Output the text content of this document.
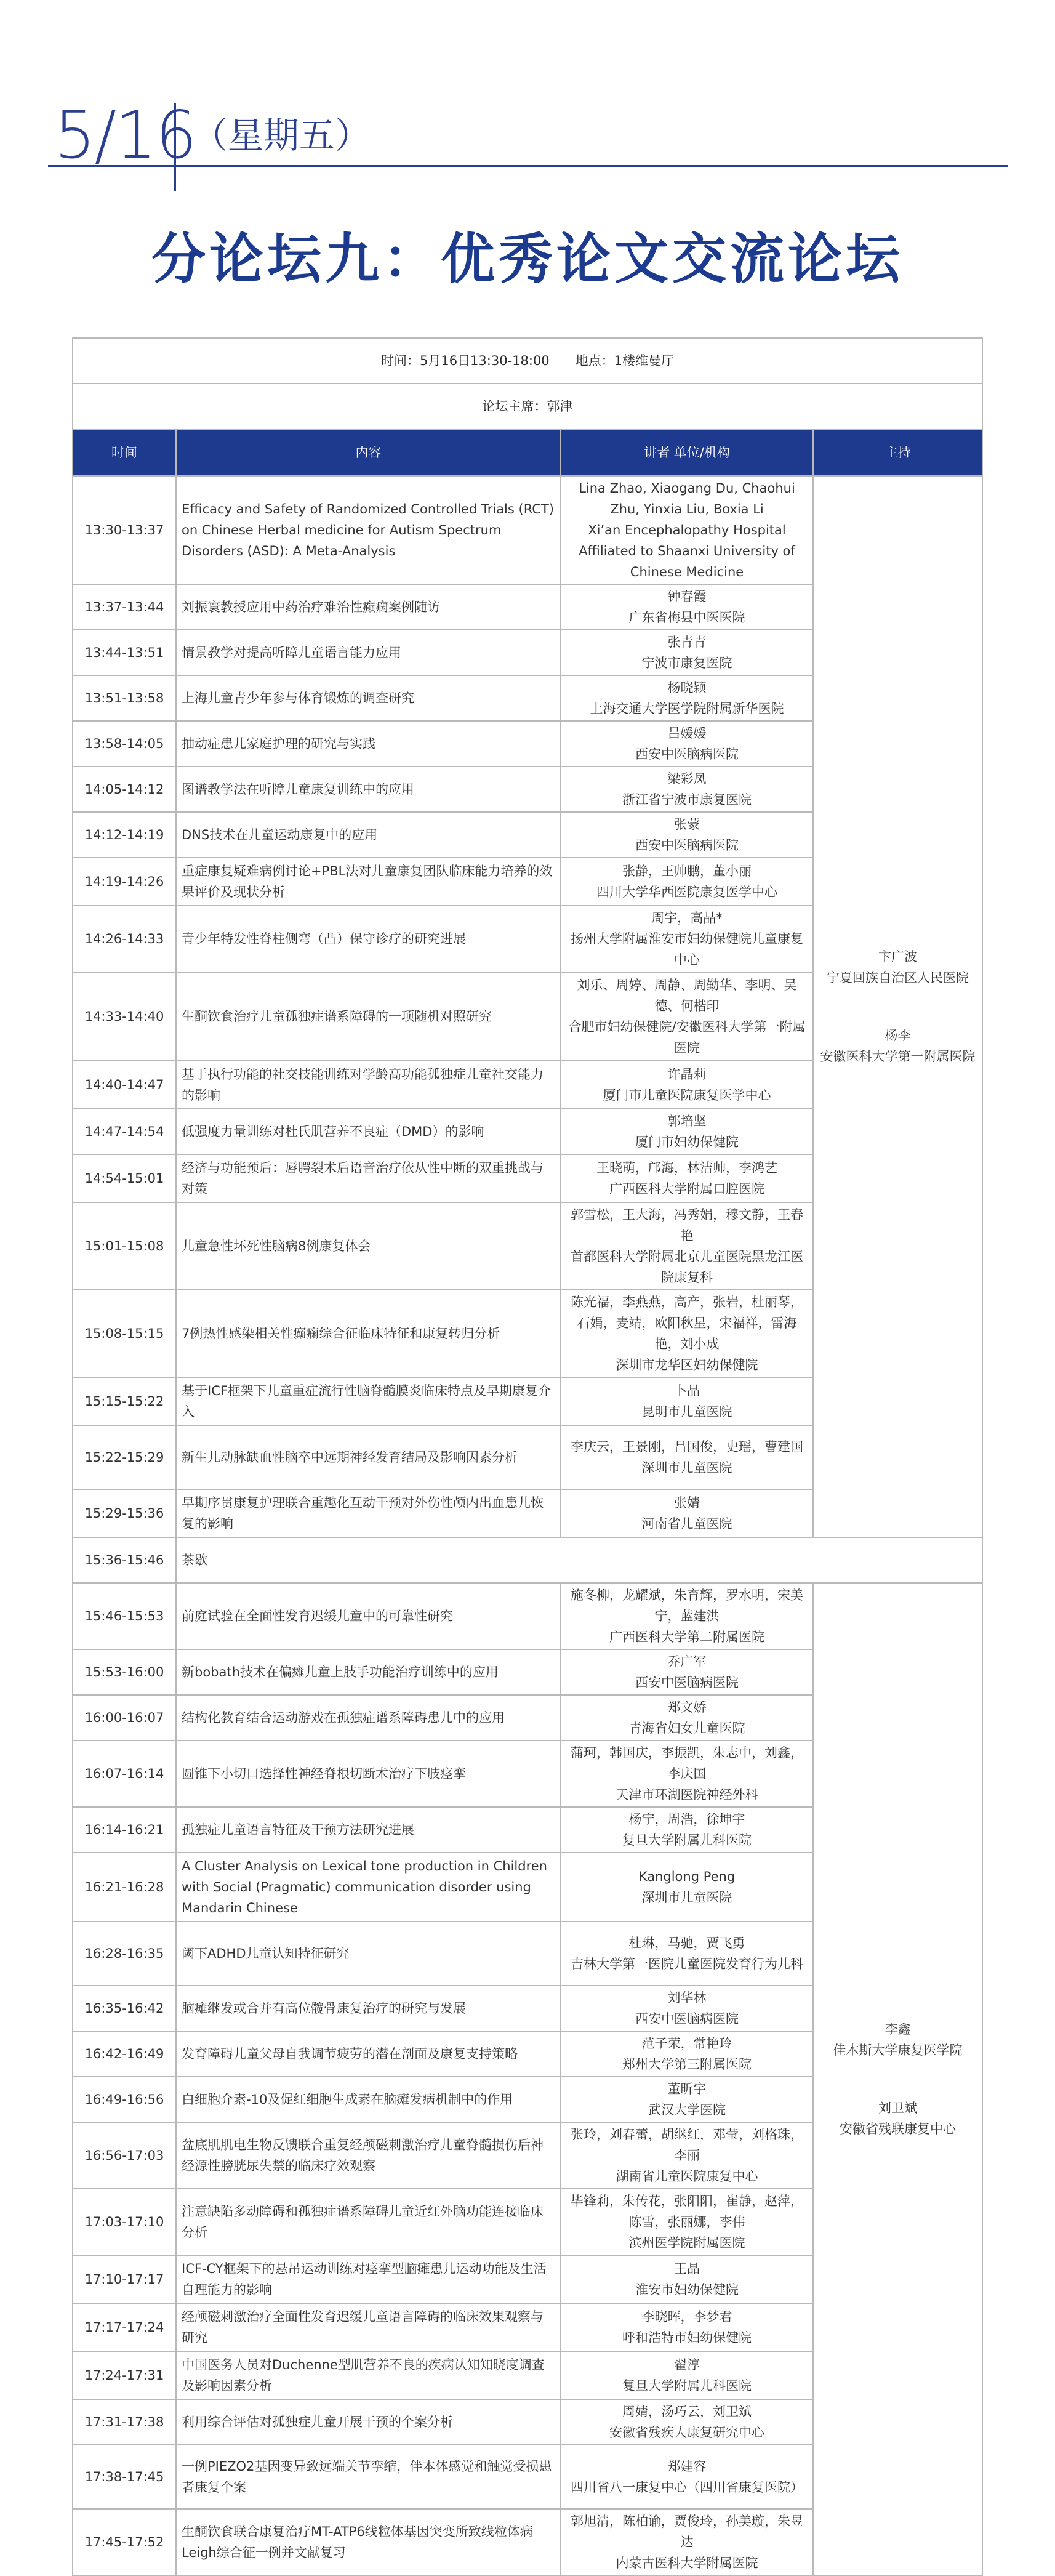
5/16
（星期五）
分论坛九：优秀论文交流论坛
时间：5月16日13:30-18:00　　地点：1楼维曼厅			
论坛主席：郭津			
时间	内容	讲者 单位/机构	主持
13:30-13:37	Efficacy and Safety of Randomized Controlled Trials (RCT) on Chinese Herbal medicine for Autism Spectrum Disorders (ASD): A Meta-Analysis	Lina Zhao, Xiaogang Du, Chaohui Zhu, Yinxia Liu, Boxia Li
Xi’an Encephalopathy Hospital Affiliated to Shaanxi University of Chinese Medicine	卞广波
宁夏回族自治区人民医院
杨李
安徽医科大学第一附属医院

13:37-13:44	刘振寰教授应用中药治疗难治性癫痫案例随访	钟春霞
广东省梅县中医医院	
13:44-13:51	情景教学对提高听障儿童语言能力应用	张青青
宁波市康复医院	
13:51-13:58	上海儿童青少年参与体育锻炼的调查研究	杨晓颖
上海交通大学医学院附属新华医院	
13:58-14:05	抽动症患儿家庭护理的研究与实践	吕媛媛
西安中医脑病医院	
14:05-14:12	图谱教学法在听障儿童康复训练中的应用	梁彩凤
浙江省宁波市康复医院	
14:12-14:19	DNS技术在儿童运动康复中的应用	张蒙
西安中医脑病医院	
14:19-14:26	重症康复疑难病例讨论+PBL法对儿童康复团队临床能力培养的效果评价及现状分析	张静，王帅鹏，董小丽
四川大学华西医院康复医学中心	
14:26-14:33	青少年特发性脊柱侧弯（凸）保守诊疗的研究进展	周宇，高晶*
扬州大学附属淮安市妇幼保健院儿童康复中心	
14:33-14:40	生酮饮食治疗儿童孤独症谱系障碍的一项随机对照研究	刘乐、周婷、周静、周勤华、李明、吴德、何楷印
合肥市妇幼保健院/安徽医科大学第一附属医院	
14:40-14:47	基于执行功能的社交技能训练对学龄高功能孤独症儿童社交能力的影响	许晶莉
厦门市儿童医院康复医学中心	
14:47-14:54	低强度力量训练对杜氏肌营养不良症（DMD）的影响	郭培坚
厦门市妇幼保健院	
14:54-15:01	经济与功能预后：唇腭裂术后语音治疗依从性中断的双重挑战与对策	王晓萌，邝海，林洁帅，李鸿艺
广西医科大学附属口腔医院	
15:01-15:08	儿童急性坏死性脑病8例康复体会	郭雪松，王大海，冯秀娟，穆文静，王春艳
首都医科大学附属北京儿童医院黑龙江医院康复科	
15:08-15:15	7例热性感染相关性癫痫综合征临床特征和康复转归分析	陈光福，李燕燕，高产，张岩，杜丽琴，石娟，麦靖，欧阳秋星，宋福祥，雷海艳，刘小成
深圳市龙华区妇幼保健院	
15:15-15:22	基于ICF框架下儿童重症流行性脑脊髓膜炎临床特点及早期康复介入	卜晶
昆明市儿童医院	
15:22-15:29	新生儿动脉缺血性脑卒中远期神经发育结局及影响因素分析	李庆云，王景刚，吕国俊，史瑶，曹建国
深圳市儿童医院	
15:29-15:36	早期序贯康复护理联合重趣化互动干预对外伤性颅内出血患儿恢复的影响	张婧
河南省儿童医院	
15:36-15:46	茶歇		
15:46-15:53	前庭试验在全面性发育迟缓儿童中的可靠性研究	施冬柳，龙耀斌，朱育辉，罗水明，宋美宁，蓝建洪
广西医科大学第二附属医院	李鑫
佳木斯大学康复医学院
刘卫斌
安徽省残联康复中心

15:53-16:00	新bobath技术在偏瘫儿童上肢手功能治疗训练中的应用	乔广军
西安中医脑病医院	
16:00-16:07	结构化教育结合运动游戏在孤独症谱系障碍患儿中的应用	郑文娇
青海省妇女儿童医院	
16:07-16:14	圆锥下小切口选择性神经脊根切断术治疗下肢痉挛	蒲珂，韩国庆，李振凯，朱志中，刘鑫，李庆国
天津市环湖医院神经外科	
16:14-16:21	孤独症儿童语言特征及干预方法研究进展	杨宁，周浩，徐坤宇
复旦大学附属儿科医院	
16:21-16:28	A Cluster Analysis on Lexical tone production in Children with Social (Pragmatic) communication disorder using Mandarin Chinese	Kanglong Peng
深圳市儿童医院	
16:28-16:35	阈下ADHD儿童认知特征研究	杜琳，马驰，贾飞勇
吉林大学第一医院儿童医院发育行为儿科	
16:35-16:42	脑瘫继发或合并有高位髋骨康复治疗的研究与发展	刘华林
西安中医脑病医院	
16:42-16:49	发育障碍儿童父母自我调节疲劳的潜在剖面及康复支持策略	范子荣，常艳玲
郑州大学第三附属医院	
16:49-16:56	白细胞介素-10及促红细胞生成素在脑瘫发病机制中的作用	董昕宇
武汉大学医院	
16:56-17:03	盆底肌肌电生物反馈联合重复经颅磁刺激治疗儿童脊髓损伤后神经源性膀胱尿失禁的临床疗效观察	张玲，刘春蕾，胡继红，邓莹，刘格珠，李丽
湖南省儿童医院康复中心	
17:03-17:10	注意缺陷多动障碍和孤独症谱系障碍儿童近红外脑功能连接临床分析	毕锋莉，朱传花，张阳阳，崔静，赵萍，陈雪，张丽娜，李伟
滨州医学院附属医院	
17:10-17:17	ICF-CY框架下的悬吊运动训练对痉挛型脑瘫患儿运动功能及生活自理能力的影响	王晶
淮安市妇幼保健院	
17:17-17:24	经颅磁刺激治疗全面性发育迟缓儿童语言障碍的临床效果观察与研究	李晓晖，李梦君
呼和浩特市妇幼保健院	
17:24-17:31	中国医务人员对Duchenne型肌营养不良的疾病认知知晓度调查及影响因素分析	翟淳
复旦大学附属儿科医院	
17:31-17:38	利用综合评估对孤独症儿童开展干预的个案分析	周婧，汤巧云，刘卫斌
安徽省残疾人康复研究中心	
17:38-17:45	一例PIEZO2基因变异致远端关节挛缩，伴本体感觉和触觉受损患者康复个案	郑建容
四川省八一康复中心（四川省康复医院）	
17:45-17:52	生酮饮食联合康复治疗MT-ATP6线粒体基因突变所致线粒体病Leigh综合征一例并文献复习	郭旭清，陈柏谕，贾俊玲，孙美璇，朱昱达
内蒙古医科大学附属医院	
